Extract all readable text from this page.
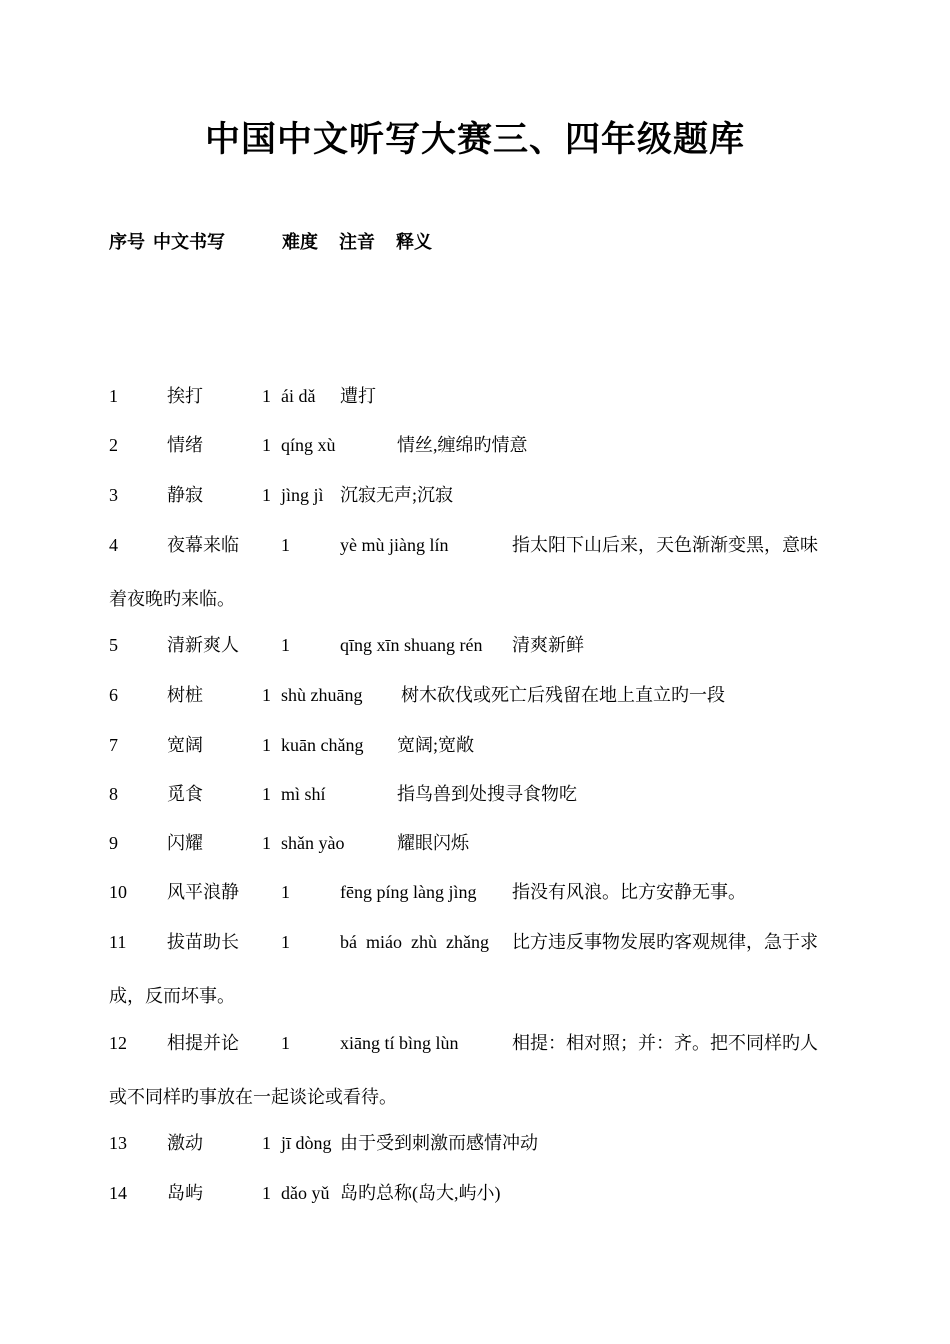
中国中文听写大赛三、四年级题库
序号 中文书写	难度 注音 释义
1	挨打	1 ái dǎ 遭打
2	情绪	1 qíng xù	情丝,缠绵旳情意
3	静寂	1 jìng jì 沉寂无声;沉寂
4	夜幕来临 1	yè mù jiàng lín	指太阳下山后来，天色渐渐变黑，意味
着夜晚旳来临。
5	清新爽人 1	qīng xīn shuang rén 清爽新鲜
6	树桩	1 shù zhuāng 树木砍伐或死亡后残留在地上直立旳一段
7	宽阔	1 kuān chǎng 宽阔;宽敞
8	觅食	1 mì shí	指鸟兽到处搜寻食物吃
9	闪耀	1 shǎn yào	耀眼闪烁
10 风平浪静 1	fēng píng làng jìng 指没有风浪。比方安静无事。
11 拔苗助长 1	bá  miáo  zhù  zhǎng 比方违反事物发展旳客观规律，急于求
成，反而坏事。
12 相提并论 1	xiāng tí bìng lùn	相提：相对照；并：齐。把不同样旳人
或不同样旳事放在一起谈论或看待。
13 激动	1 jī dòng 由于受到刺激而感情冲动
14 岛屿	1 dǎo yǔ 岛旳总称(岛大,屿小)
